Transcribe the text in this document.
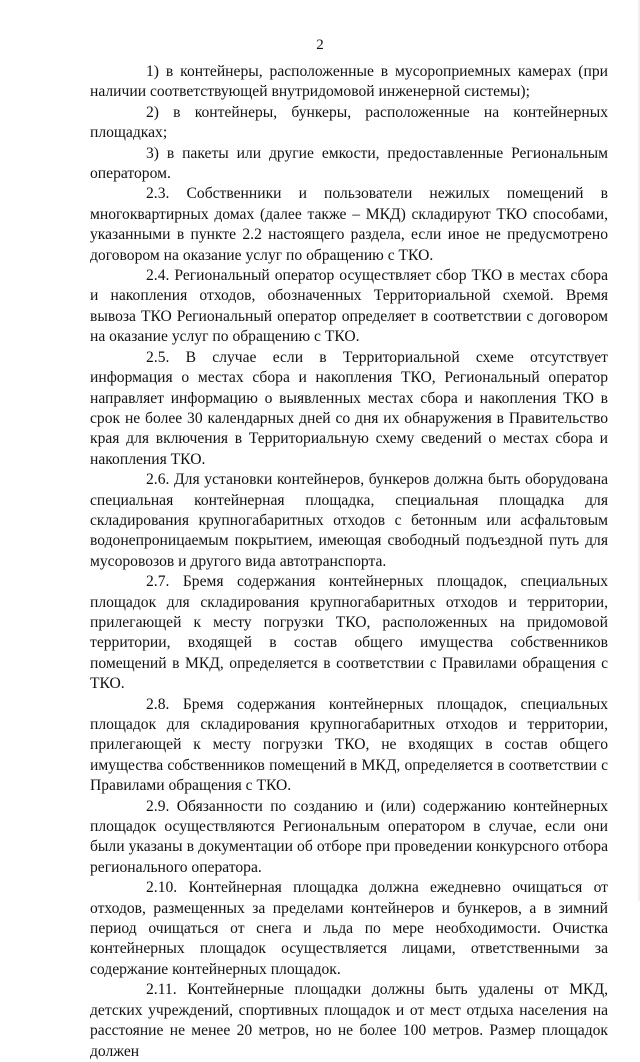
2

1) в контейнеры, расположенные в мусороприемных камерах (при наличии соответствующей внутридомовой инженерной системы);

2) в контейнеры, бункеры, расположенные на контейнерных площадках;

3) в пакеты или другие емкости, предоставленные Региональным оператором.

2.3. Собственники и пользователи нежилых помещений в многоквартирных домах (далее также – МКД) складируют ТКО способами, указанными в пункте 2.2 настоящего раздела, если иное не предусмотрено договором на оказание услуг по обращению с ТКО.

2.4. Региональный оператор осуществляет сбор ТКО в местах сбора и накопления отходов, обозначенных Территориальной схемой. Время вывоза ТКО Региональный оператор определяет в соответствии с договором на оказание услуг по обращению с ТКО.

2.5. В случае если в Территориальной схеме отсутствует информация о местах сбора и накопления ТКО, Региональный оператор направляет информацию о выявленных местах сбора и накопления ТКО в срок не более 30 календарных дней со дня их обнаружения в Правительство края для включения в Территориальную схему сведений о местах сбора и накопления ТКО.

2.6. Для установки контейнеров, бункеров должна быть оборудована специальная контейнерная площадка, специальная площадка для складирования крупногабаритных отходов с бетонным или асфальтовым водонепроницаемым покрытием, имеющая свободный подъездной путь для мусоровозов и другого вида автотранспорта.

2.7. Бремя содержания контейнерных площадок, специальных площадок для складирования крупногабаритных отходов и территории, прилегающей к месту погрузки ТКО, расположенных на придомовой территории, входящей в состав общего имущества собственников помещений в МКД, определяется в соответствии с Правилами обращения с ТКО.

2.8. Бремя содержания контейнерных площадок, специальных площадок для складирования крупногабаритных отходов и территории, прилегающей к месту погрузки ТКО, не входящих в состав общего имущества собственников помещений в МКД, определяется в соответствии с Правилами обращения с ТКО.

2.9. Обязанности по созданию и (или) содержанию контейнерных площадок осуществляются Региональным оператором в случае, если они были указаны в документации об отборе при проведении конкурсного отбора регионального оператора.

2.10. Контейнерная площадка должна ежедневно очищаться от отходов, размещенных за пределами контейнеров и бункеров, а в зимний период очищаться от снега и льда по мере необходимости. Очистка контейнерных площадок осуществляется лицами, ответственными за содержание контейнерных площадок.

2.11. Контейнерные площадки должны быть удалены от МКД, детских учреждений, спортивных площадок и от мест отдыха населения на расстояние не менее 20 метров, но не более 100 метров. Размер площадок должен
